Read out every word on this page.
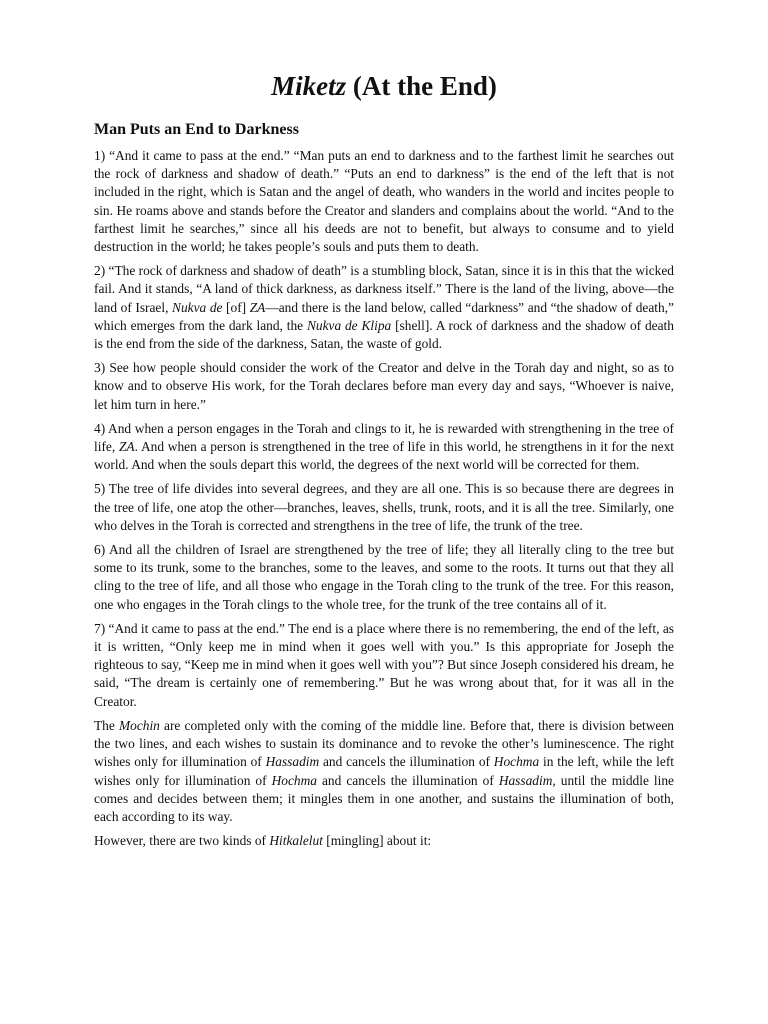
Miketz (At the End)
Man Puts an End to Darkness

1) “And it came to pass at the end.” “Man puts an end to darkness and to the farthest limit he searches out the rock of darkness and shadow of death.” “Puts an end to darkness” is the end of the left that is not included in the right, which is Satan and the angel of death, who wanders in the world and incites people to sin. He roams above and stands before the Creator and slanders and complains about the world. “And to the farthest limit he searches,” since all his deeds are not to benefit, but always to consume and to yield destruction in the world; he takes people’s souls and puts them to death.

2) “The rock of darkness and shadow of death” is a stumbling block, Satan, since it is in this that the wicked fail. And it stands, “A land of thick darkness, as darkness itself.” There is the land of the living, above—the land of Israel, Nukva de [of] ZA—and there is the land below, called “darkness” and “the shadow of death,” which emerges from the dark land, the Nukva de Klipa [shell]. A rock of darkness and the shadow of death is the end from the side of the darkness, Satan, the waste of gold.

3) See how people should consider the work of the Creator and delve in the Torah day and night, so as to know and to observe His work, for the Torah declares before man every day and says, “Whoever is naive, let him turn in here.”

4) And when a person engages in the Torah and clings to it, he is rewarded with strengthening in the tree of life, ZA. And when a person is strengthened in the tree of life in this world, he strengthens in it for the next world. And when the souls depart this world, the degrees of the next world will be corrected for them.

5) The tree of life divides into several degrees, and they are all one. This is so because there are degrees in the tree of life, one atop the other—branches, leaves, shells, trunk, roots, and it is all the tree. Similarly, one who delves in the Torah is corrected and strengthens in the tree of life, the trunk of the tree.

6) And all the children of Israel are strengthened by the tree of life; they all literally cling to the tree but some to its trunk, some to the branches, some to the leaves, and some to the roots. It turns out that they all cling to the tree of life, and all those who engage in the Torah cling to the trunk of the tree. For this reason, one who engages in the Torah clings to the whole tree, for the trunk of the tree contains all of it.

7) “And it came to pass at the end.” The end is a place where there is no remembering, the end of the left, as it is written, “Only keep me in mind when it goes well with you.” Is this appropriate for Joseph the righteous to say, “Keep me in mind when it goes well with you”? But since Joseph considered his dream, he said, “The dream is certainly one of remembering.” But he was wrong about that, for it was all in the Creator.

The Mochin are completed only with the coming of the middle line. Before that, there is division between the two lines, and each wishes to sustain its dominance and to revoke the other’s luminescence. The right wishes only for illumination of Hassadim and cancels the illumination of Hochma in the left, while the left wishes only for illumination of Hochma and cancels the illumination of Hassadim, until the middle line comes and decides between them; it mingles them in one another, and sustains the illumination of both, each according to its way.

However, there are two kinds of Hitkalelut [mingling] about it:
